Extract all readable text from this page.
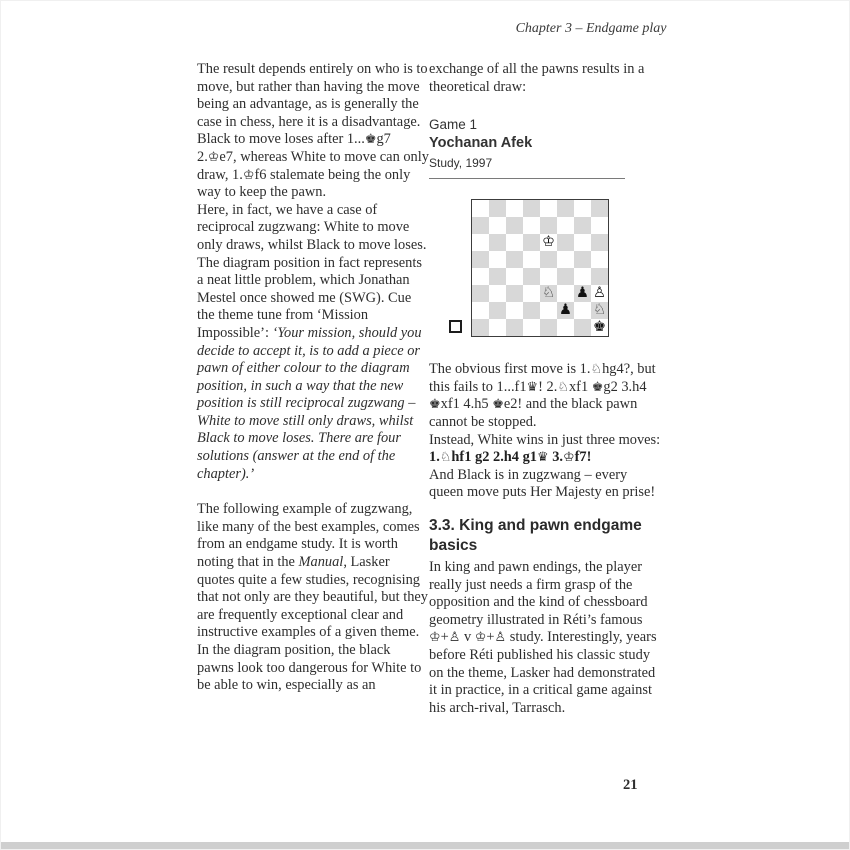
Chapter 3 – Endgame play
The result depends entirely on who is to move, but rather than having the move being an advantage, as is generally the case in chess, here it is a disadvantage. Black to move loses after 1...♚g7 2.♔e7, whereas White to move can only draw, 1.♔f6 stalemate being the only way to keep the pawn.
Here, in fact, we have a case of reciprocal zugzwang: White to move only draws, whilst Black to move loses.
The diagram position in fact represents a neat little problem, which Jonathan Mestel once showed me (SWG). Cue the theme tune from ‘Mission Impossible’: ‘Your mission, should you decide to accept it, is to add a piece or pawn of either colour to the diagram position, in such a way that the new position is still reciprocal zugzwang – White to move still only draws, whilst Black to move loses. There are four solutions (answer at the end of the chapter).’
The following example of zugzwang, like many of the best examples, comes from an endgame study. It is worth noting that in the Manual, Lasker quotes quite a few studies, recognising that not only are they beautiful, but they are frequently exceptional clear and instructive examples of a given theme.
In the diagram position, the black pawns look too dangerous for White to be able to win, especially as an
exchange of all the pawns results in a theoretical draw:
Game 1
Yochanan Afek
Study, 1997
♔
♘ ♟ ♙
♟ ♘
♚
The obvious first move is 1.♘hg4?, but this fails to 1...f1♛! 2.♘xf1 ♚g2 3.h4 ♚xf1 4.h5 ♚e2! and the black pawn cannot be stopped.
Instead, White wins in just three moves:
1.♘hf1 g2 2.h4 g1♛ 3.♔f7!
And Black is in zugzwang – every queen move puts Her Majesty en prise!
3.3. King and pawn endgame basics
In king and pawn endings, the player really just needs a firm grasp of the opposition and the kind of chessboard geometry illustrated in Réti’s famous ♔+♙ v ♔+♙ study. Interestingly, years before Réti published his classic study on the theme, Lasker had demonstrated it in practice, in a critical game against his arch-rival, Tarrasch.
21
